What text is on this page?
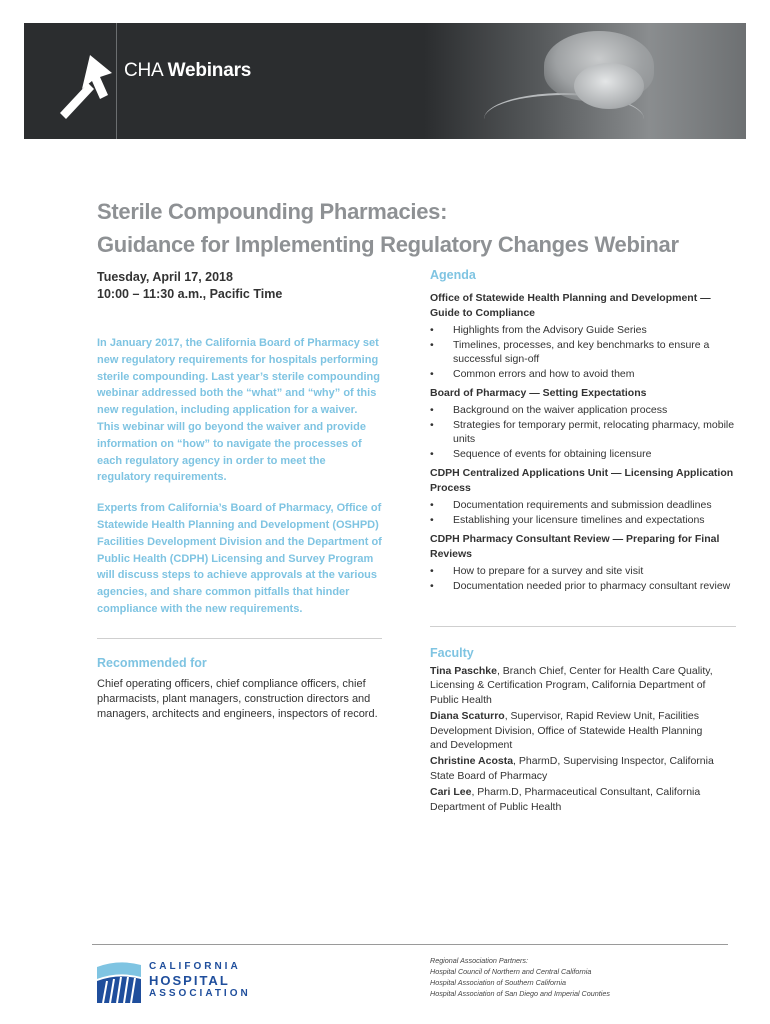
CHA Webinars
Sterile Compounding Pharmacies:
Guidance for Implementing Regulatory Changes Webinar
Tuesday, April 17, 2018
10:00 – 11:30 a.m., Pacific Time

In January 2017, the California Board of Pharmacy set new regulatory requirements for hospitals performing sterile compounding. Last year’s sterile compounding webinar addressed both the “what” and “why” of this new regulation, including application for a waiver. This webinar will go beyond the waiver and provide information on “how” to navigate the processes of each regulatory agency in order to meet the regulatory requirements.

Experts from California’s Board of Pharmacy, Office of Statewide Health Planning and Development (OSHPD) Facilities Development Division and the Department of Public Health (CDPH) Licensing and Survey Program will discuss steps to achieve approvals at the various agencies, and share common pitfalls that hinder compliance with the new requirements.

Recommended for
Chief operating officers, chief compliance officers, chief pharmacists, plant managers, construction directors and managers, architects and engineers, inspectors of record.
Agenda
Office of Statewide Health Planning and Development — Guide to Compliance
• Highlights from the Advisory Guide Series
• Timelines, processes, and key benchmarks to ensure a successful sign-off
• Common errors and how to avoid them
Board of Pharmacy — Setting Expectations
• Background on the waiver application process
• Strategies for temporary permit, relocating pharmacy, mobile units
• Sequence of events for obtaining licensure
CDPH Centralized Applications Unit — Licensing Application Process
• Documentation requirements and submission deadlines
• Establishing your licensure timelines and expectations
CDPH Pharmacy Consultant Review — Preparing for Final Reviews
• How to prepare for a survey and site visit
• Documentation needed prior to pharmacy consultant review
Faculty
Tina Paschke, Branch Chief, Center for Health Care Quality, Licensing & Certification Program, California Department of Public Health
Diana Scaturro, Supervisor, Rapid Review Unit, Facilities Development Division, Office of Statewide Health Planning and Development
Christine Acosta, PharmD, Supervising Inspector, California State Board of Pharmacy
Cari Lee, Pharm.D, Pharmaceutical Consultant, California Department of Public Health
CALIFORNIA
HOSPITAL
ASSOCIATION
Regional Association Partners:
Hospital Council of Northern and Central California
Hospital Association of Southern California
Hospital Association of San Diego and Imperial Counties
